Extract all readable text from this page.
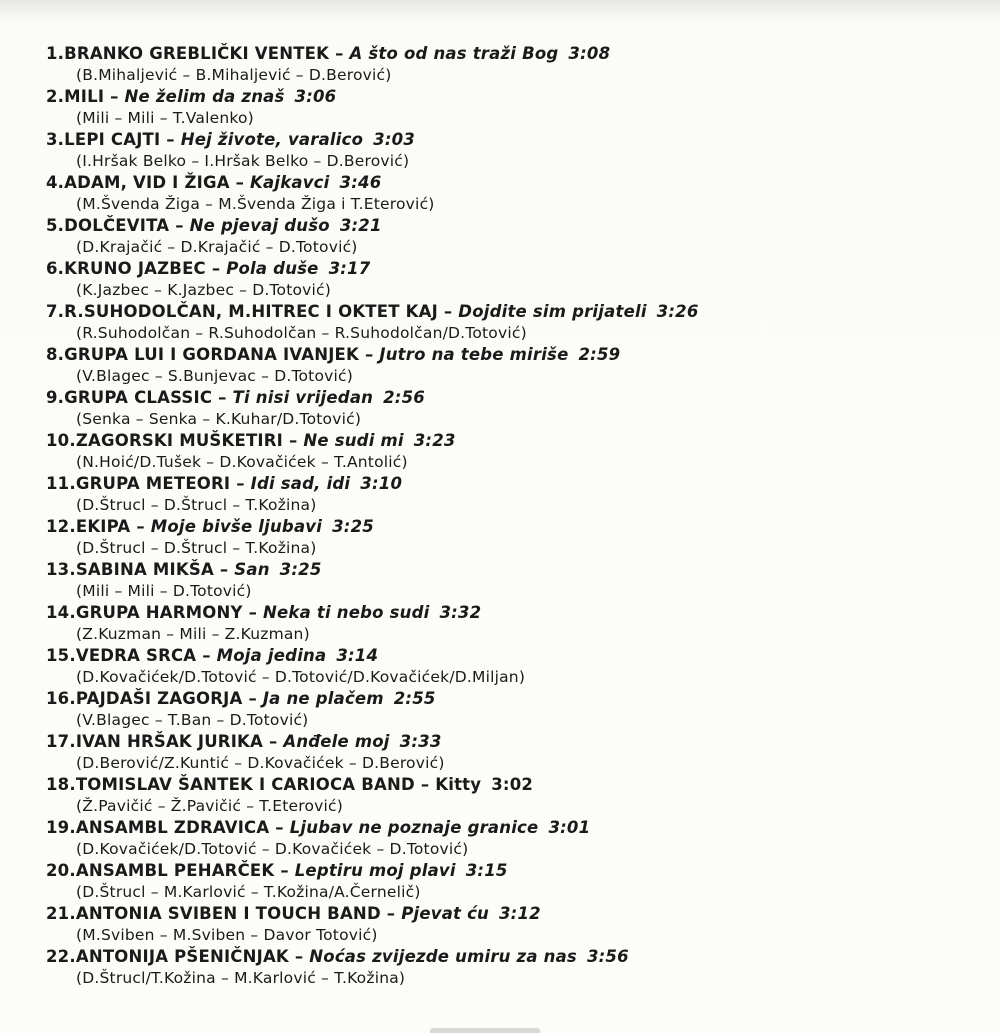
1.BRANKO GREBLIČKI VENTEK – A što od nas traži Bog 3:08
(B.Mihaljević – B.Mihaljević – D.Berović)
2.MILI – Ne želim da znaš 3:06
(Mili – Mili – T.Valenko)
3.LEPI CAJTI – Hej živote, varalico 3:03
(I.Hršak Belko – I.Hršak Belko – D.Berović)
4.ADAM, VID I ŽIGA – Kajkavci 3:46
(M.Švenda Žiga – M.Švenda Žiga i T.Eterović)
5.DOLČEVITA – Ne pjevaj dušo 3:21
(D.Krajačić – D.Krajačić – D.Totović)
6.KRUNO JAZBEC – Pola duše 3:17
(K.Jazbec – K.Jazbec – D.Totović)
7.R.SUHODOLČAN, M.HITREC I OKTET KAJ – Dojdite sim prijateli 3:26
(R.Suhodolčan – R.Suhodolčan – R.Suhodolčan/D.Totović)
8.GRUPA LUI I GORDANA IVANJEK – Jutro na tebe miriše 2:59
(V.Blagec – S.Bunjevac – D.Totović)
9.GRUPA CLASSIC – Ti nisi vrijedan 2:56
(Senka – Senka – K.Kuhar/D.Totović)
10.ZAGORSKI MUŠKETIRI – Ne sudi mi 3:23
(N.Hoić/D.Tušek – D.Kovačićek – T.Antolić)
11.GRUPA METEORI – Idi sad, idi 3:10
(D.Štrucl – D.Štrucl – T.Kožina)
12.EKIPA – Moje bivše ljubavi 3:25
(D.Štrucl – D.Štrucl – T.Kožina)
13.SABINA MIKŠA – San 3:25
(Mili – Mili – D.Totović)
14.GRUPA HARMONY – Neka ti nebo sudi 3:32
(Z.Kuzman – Mili – Z.Kuzman)
15.VEDRA SRCA – Moja jedina 3:14
(D.Kovačićek/D.Totović – D.Totović/D.Kovačićek/D.Miljan)
16.PAJDAŠI ZAGORJA – Ja ne plačem 2:55
(V.Blagec – T.Ban – D.Totović)
17.IVAN HRŠAK JURIKA – Anđele moj 3:33
(D.Berović/Z.Kuntić – D.Kovačićek – D.Berović)
18.TOMISLAV ŠANTEK I CARIOCA BAND – Kitty 3:02
(Ž.Pavičić – Ž.Pavičić – T.Eterović)
19.ANSAMBL ZDRAVICA – Ljubav ne poznaje granice 3:01
(D.Kovačićek/D.Totović – D.Kovačićek – D.Totović)
20.ANSAMBL PEHARČEK – Leptiru moj plavi 3:15
(D.Štrucl – M.Karlović – T.Kožina/A.Černelič)
21.ANTONIA SVIBEN I TOUCH BAND – Pjevat ću 3:12
(M.Sviben – M.Sviben – Davor Totović)
22.ANTONIJA PŠENIČNJAK – Noćas zvijezde umiru za nas 3:56
(D.Štrucl/T.Kožina – M.Karlović – T.Kožina)
